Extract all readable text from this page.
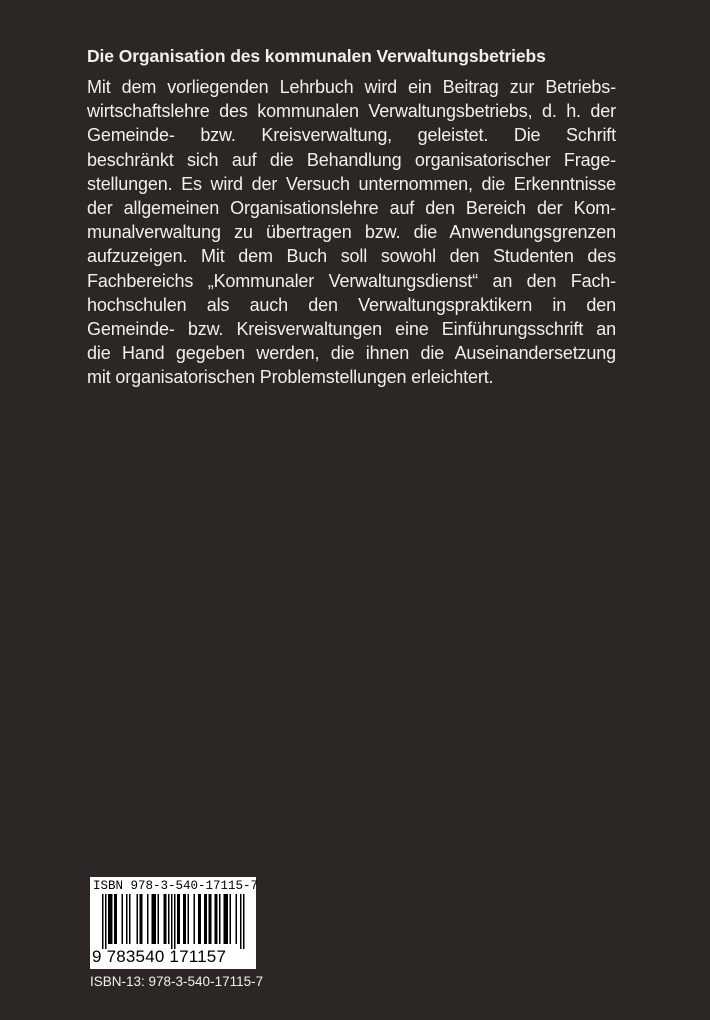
Die Organisation des kommunalen Verwaltungsbetriebs
Mit dem vorliegenden Lehrbuch wird ein Beitrag zur Betriebs-
wirtschaftslehre des kommunalen Verwaltungsbetriebs, d. h. der
Gemeinde- bzw. Kreisverwaltung, geleistet. Die Schrift
beschränkt sich auf die Behandlung organisatorischer Frage-
stellungen. Es wird der Versuch unternommen, die Erkenntnisse
der allgemeinen Organisationslehre auf den Bereich der Kom-
munalverwaltung zu übertragen bzw. die Anwendungsgrenzen
aufzuzeigen. Mit dem Buch soll sowohl den Studenten des
Fachbereichs „Kommunaler Verwaltungsdienst“ an den Fach-
hochschulen als auch den Verwaltungspraktikern in den
Gemeinde- bzw. Kreisverwaltungen eine Einführungsschrift an
die Hand gegeben werden, die ihnen die Auseinandersetzung
mit organisatorischen Problemstellungen erleichtert.
ISBN 978-3-540-17115-7
9 783540 171157
ISBN-13: 978-3-540-17115-7
